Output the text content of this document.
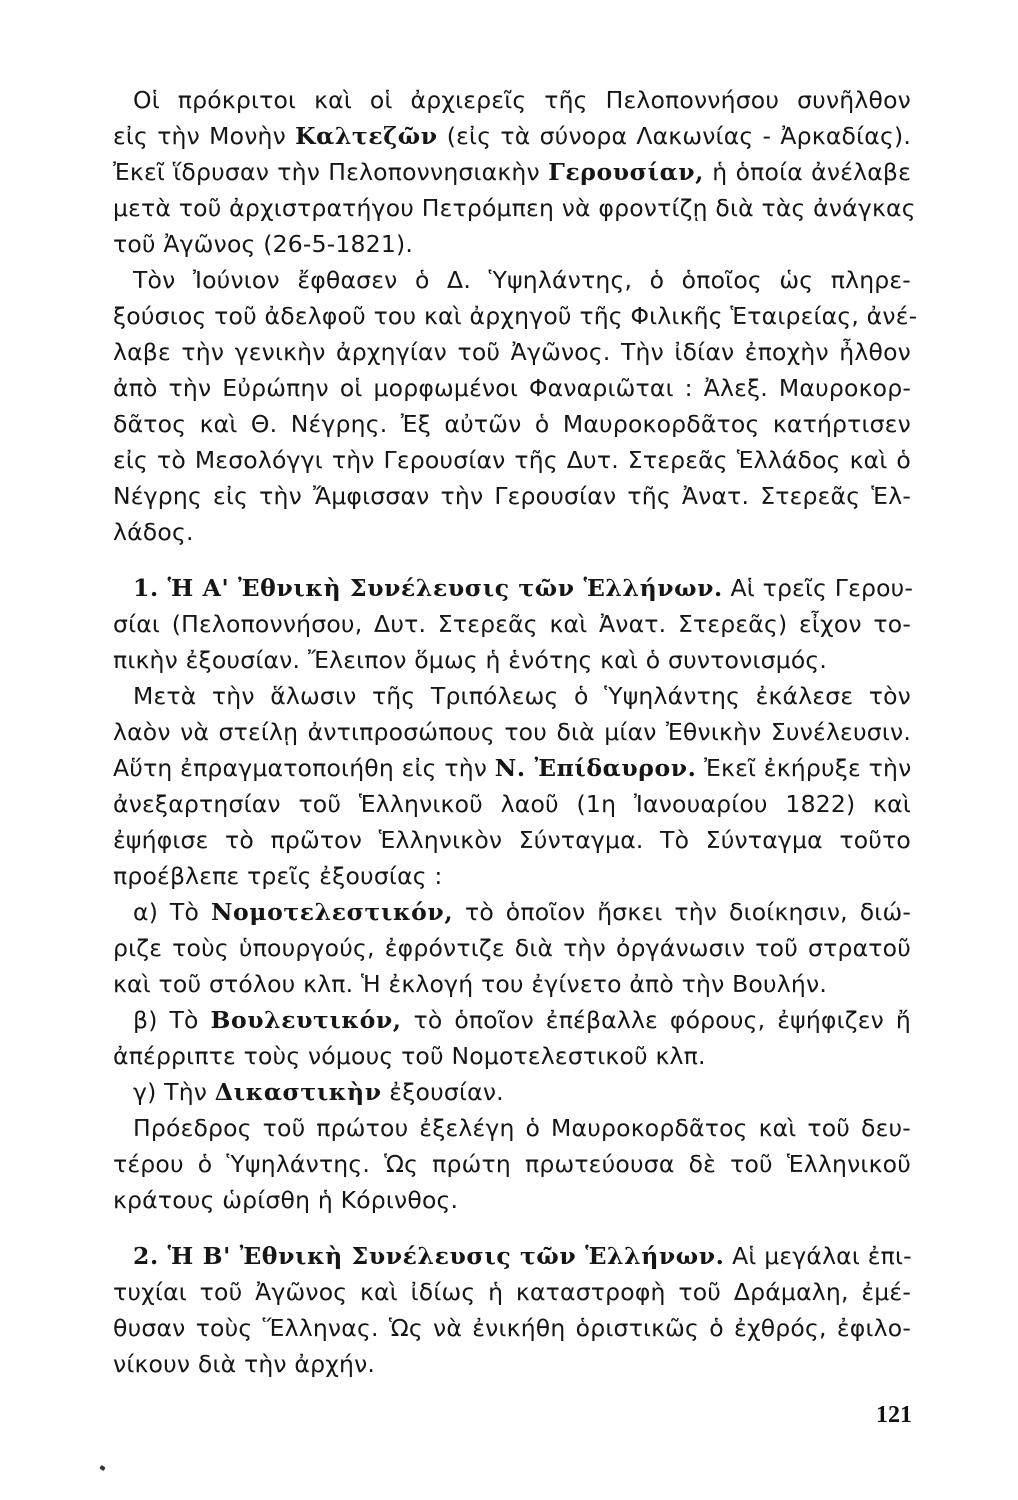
Οἱ πρόκριτοι καὶ οἱ ἀρχιερεῖς τῆς Πελοποννήσου συνῆλθον
εἰς τὴν Μονὴν Καλτεζῶν (εἰς τὰ σύνορα Λακωνίας - Ἀρκαδίας).
Ἐκεῖ ἵδρυσαν τὴν Πελοποννησιακὴν Γερουσίαν, ἡ ὁποία ἀνέλαβε
μετὰ τοῦ ἀρχιστρατήγου Πετρόμπεη νὰ φροντίζῃ διὰ τὰς ἀνάγκας
τοῦ Ἀγῶνος (26-5-1821).
Τὸν Ἰούνιον ἔφθασεν ὁ Δ. Ὑψηλάντης, ὁ ὁποῖος ὡς πληρε-
ξούσιος τοῦ ἀδελφοῦ του καὶ ἀρχηγοῦ τῆς Φιλικῆς Ἑταιρείας, ἀνέ-
λαβε τὴν γενικὴν ἀρχηγίαν τοῦ Ἀγῶνος. Τὴν ἰδίαν ἐποχὴν ἦλθον
ἀπὸ τὴν Εὐρώπην οἱ μορφωμένοι Φαναριῶται : Ἀλεξ. Μαυροκορ-
δᾶτος καὶ Θ. Νέγρης. Ἐξ αὐτῶν ὁ Μαυροκορδᾶτος κατήρτισεν
εἰς τὸ Μεσολόγγι τὴν Γερουσίαν τῆς Δυτ. Στερεᾶς Ἑλλάδος καὶ ὁ
Νέγρης εἰς τὴν Ἄμφισσαν τὴν Γερουσίαν τῆς Ἀνατ. Στερεᾶς Ἑλ-
λάδος.
1. Ἡ Α' Ἐθνικὴ Συνέλευσις τῶν Ἑλλήνων. Αἱ τρεῖς Γερου-
σίαι (Πελοποννήσου, Δυτ. Στερεᾶς καὶ Ἀνατ. Στερεᾶς) εἶχον το-
πικὴν ἐξουσίαν. Ἔλειπον ὅμως ἡ ἑνότης καὶ ὁ συντονισμός.
Μετὰ τὴν ἅλωσιν τῆς Τριπόλεως ὁ Ὑψηλάντης ἐκάλεσε τὸν
λαὸν νὰ στείλῃ ἀντιπροσώπους του διὰ μίαν Ἐθνικὴν Συνέλευσιν.
Αὕτη ἐπραγματοποιήθη εἰς τὴν Ν. Ἐπίδαυρον. Ἐκεῖ ἐκήρυξε τὴν
ἀνεξαρτησίαν τοῦ Ἑλληνικοῦ λαοῦ (1η Ἰανουαρίου 1822) καὶ
ἐψήφισε τὸ πρῶτον Ἑλληνικὸν Σύνταγμα. Τὸ Σύνταγμα τοῦτο
προέβλεπε τρεῖς ἐξουσίας :
α) Τὸ Νομοτελεστικόν, τὸ ὁποῖον ἤσκει τὴν διοίκησιν, διώ-
ριζε τοὺς ὑπουργούς, ἐφρόντιζε διὰ τὴν ὀργάνωσιν τοῦ στρατοῦ
καὶ τοῦ στόλου κλπ. Ἡ ἐκλογή του ἐγίνετο ἀπὸ τὴν Βουλήν.
β) Τὸ Βουλευτικόν, τὸ ὁποῖον ἐπέβαλλε φόρους, ἐψήφιζεν ἤ
ἀπέρριπτε τοὺς νόμους τοῦ Νομοτελεστικοῦ κλπ.
γ) Τὴν Δικαστικὴν ἐξουσίαν.
Πρόεδρος τοῦ πρώτου ἐξελέγη ὁ Μαυροκορδᾶτος καὶ τοῦ δευ-
τέρου ὁ Ὑψηλάντης. Ὡς πρώτη πρωτεύουσα δὲ τοῦ Ἑλληνικοῦ
κράτους ὡρίσθη ἡ Κόρινθος.
2. Ἡ Β' Ἐθνικὴ Συνέλευσις τῶν Ἑλλήνων. Αἱ μεγάλαι ἐπι-
τυχίαι τοῦ Ἀγῶνος καὶ ἰδίως ἡ καταστροφὴ τοῦ Δράμαλη, ἐμέ-
θυσαν τοὺς Ἕλληνας. Ὡς νὰ ἐνικήθη ὁριστικῶς ὁ ἐχθρός, ἐφιλο-
νίκουν διὰ τὴν ἀρχήν.
121
